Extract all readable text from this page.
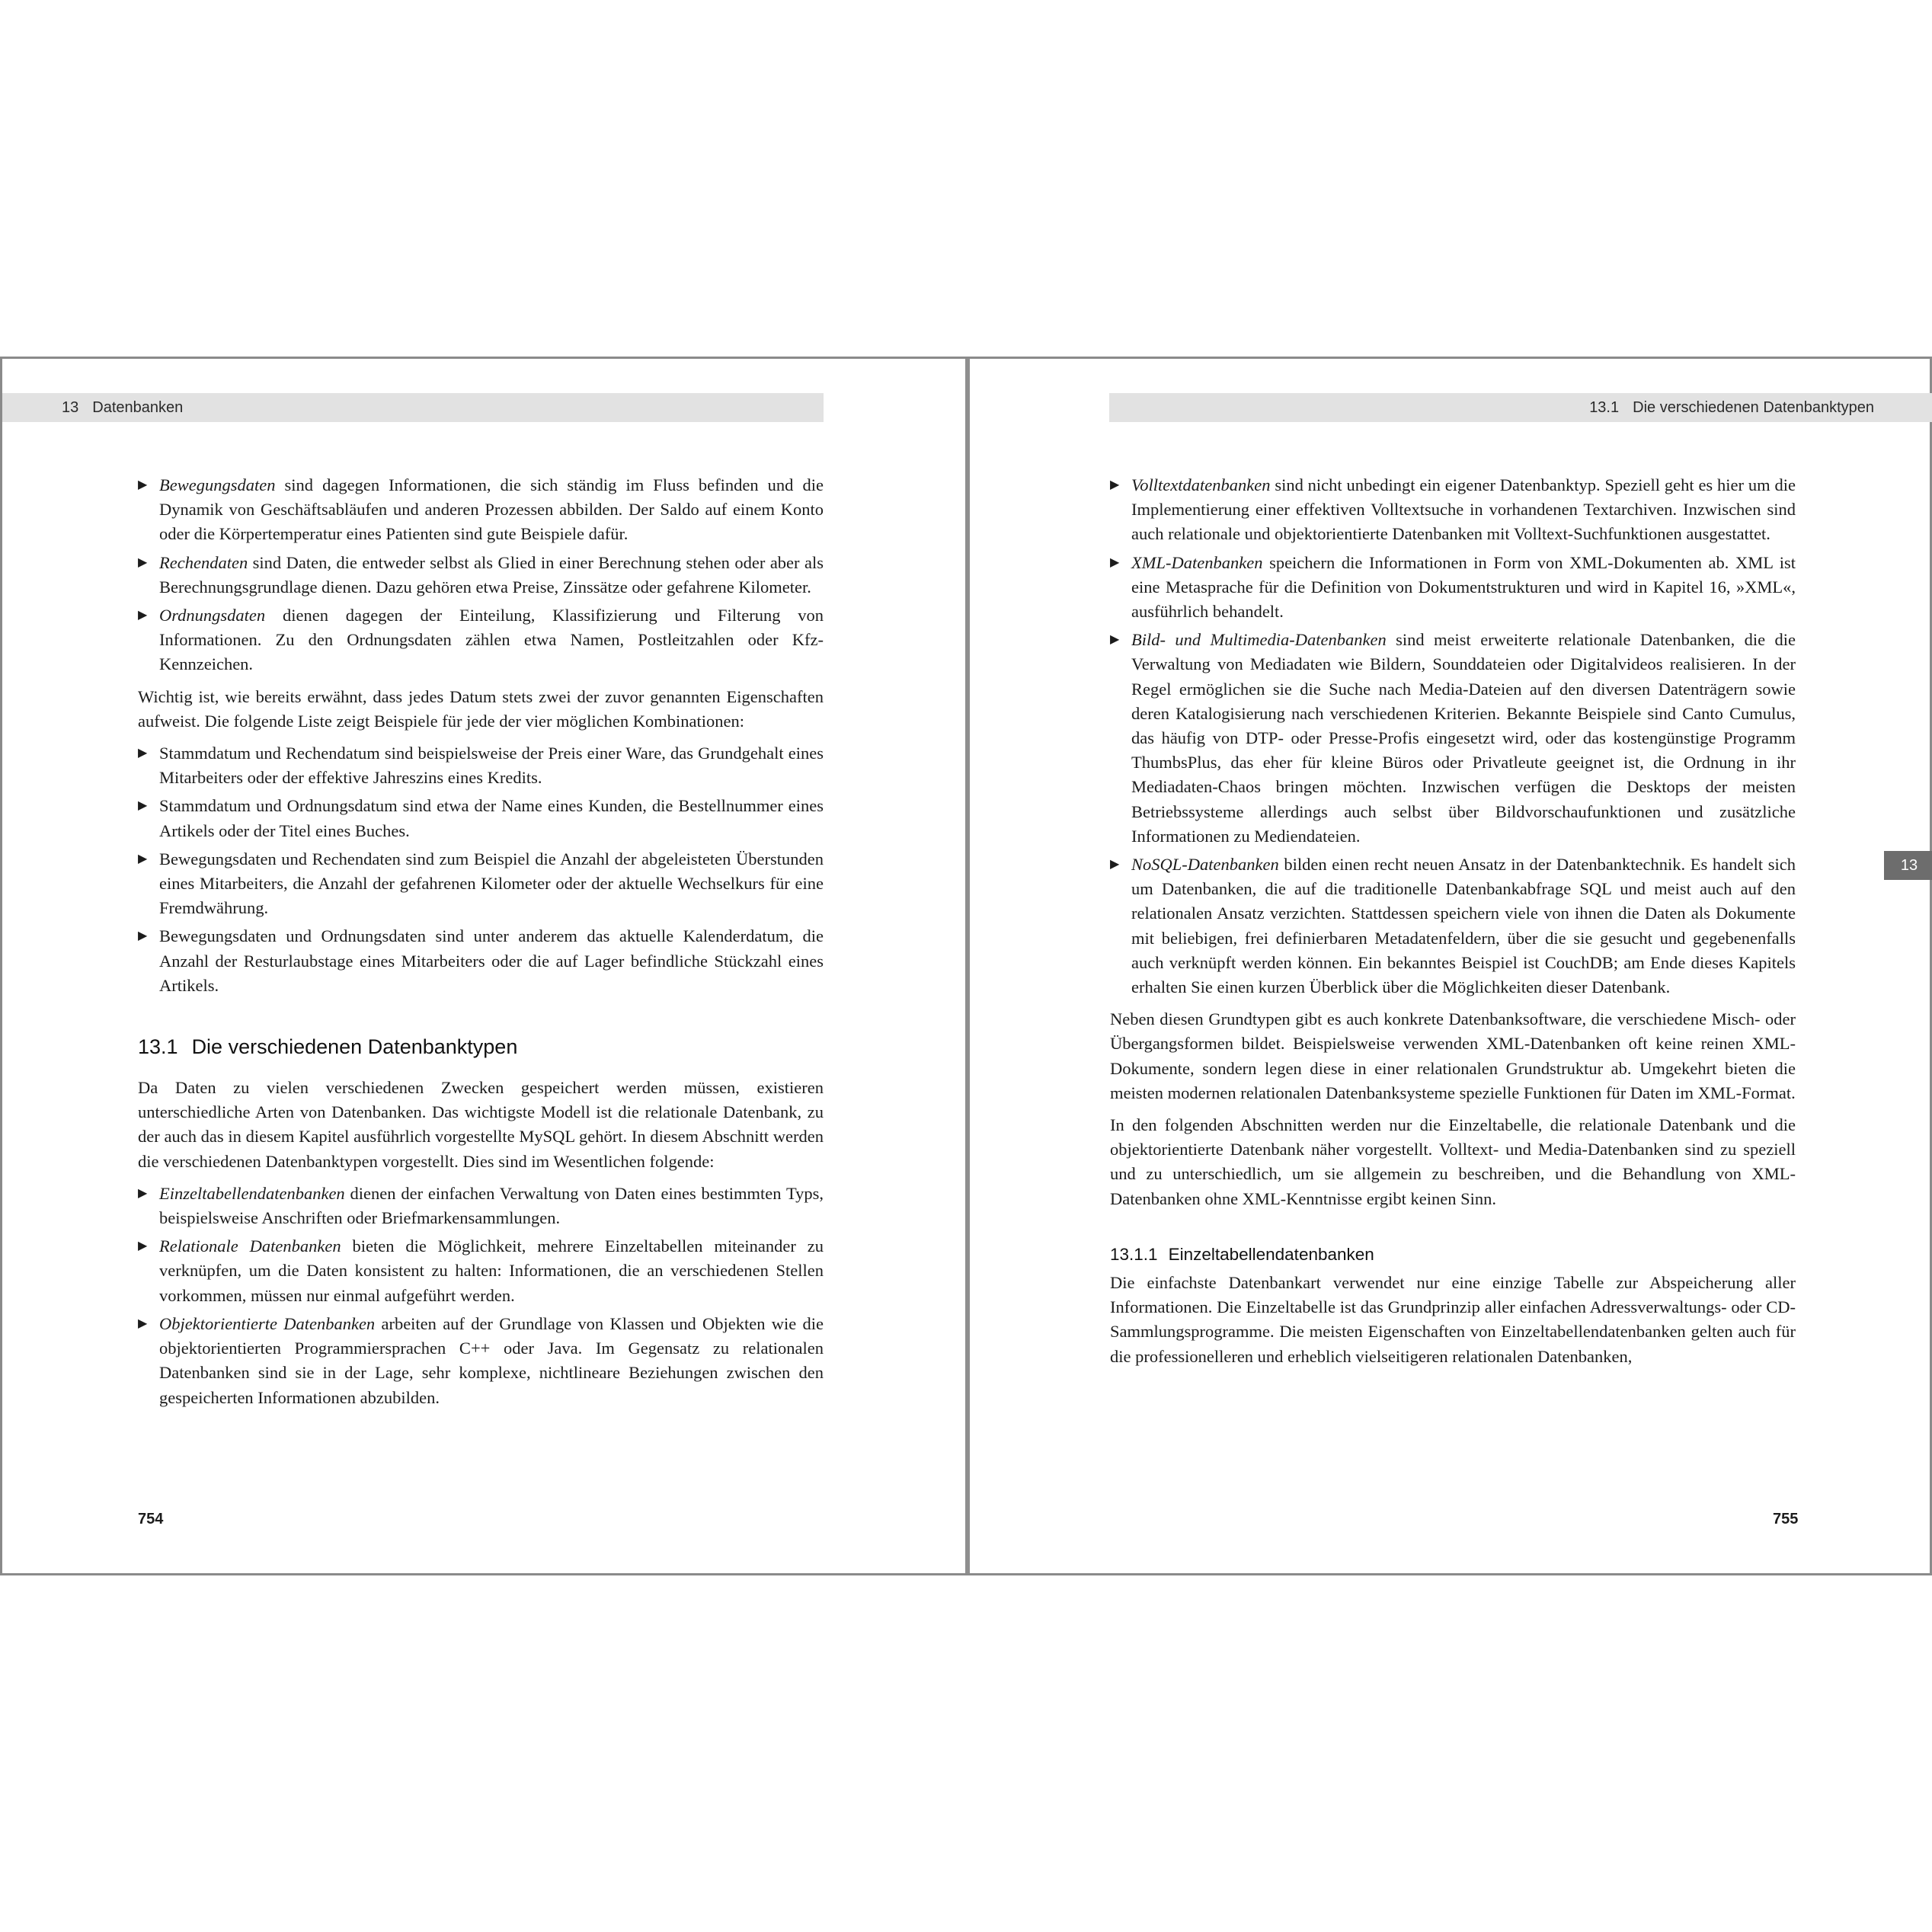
13 Datenbanken
▶ Bewegungsdaten sind dagegen Informationen, die sich ständig im Fluss befinden und die Dynamik von Geschäftsabläufen und anderen Prozessen abbilden. Der Saldo auf einem Konto oder die Körpertemperatur eines Patienten sind gute Beispiele dafür.
▶ Rechendaten sind Daten, die entweder selbst als Glied in einer Berechnung stehen oder aber als Berechnungsgrundlage dienen. Dazu gehören etwa Preise, Zinssätze oder gefahrene Kilometer.
▶ Ordnungsdaten dienen dagegen der Einteilung, Klassifizierung und Filterung von Informationen. Zu den Ordnungsdaten zählen etwa Namen, Postleitzahlen oder Kfz-Kennzeichen.

Wichtig ist, wie bereits erwähnt, dass jedes Datum stets zwei der zuvor genannten Eigenschaften aufweist. Die folgende Liste zeigt Beispiele für jede der vier möglichen Kombinationen:

▶ Stammdatum und Rechendatum sind beispielsweise der Preis einer Ware, das Grundgehalt eines Mitarbeiters oder der effektive Jahreszins eines Kredits.
▶ Stammdatum und Ordnungsdatum sind etwa der Name eines Kunden, die Bestellnummer eines Artikels oder der Titel eines Buches.
▶ Bewegungsdaten und Rechendaten sind zum Beispiel die Anzahl der abgeleisteten Überstunden eines Mitarbeiters, die Anzahl der gefahrenen Kilometer oder der aktuelle Wechselkurs für eine Fremdwährung.
▶ Bewegungsdaten und Ordnungsdaten sind unter anderem das aktuelle Kalenderdatum, die Anzahl der Resturlaubstage eines Mitarbeiters oder die auf Lager befindliche Stückzahl eines Artikels.
13.1 Die verschiedenen Datenbanktypen

Da Daten zu vielen verschiedenen Zwecken gespeichert werden müssen, existieren unterschiedliche Arten von Datenbanken. Das wichtigste Modell ist die relationale Datenbank, zu der auch das in diesem Kapitel ausführlich vorgestellte MySQL gehört. In diesem Abschnitt werden die verschiedenen Datenbanktypen vorgestellt. Dies sind im Wesentlichen folgende:

▶ Einzeltabellendatenbanken dienen der einfachen Verwaltung von Daten eines bestimmten Typs, beispielsweise Anschriften oder Briefmarkensammlungen.
▶ Relationale Datenbanken bieten die Möglichkeit, mehrere Einzeltabellen miteinander zu verknüpfen, um die Daten konsistent zu halten: Informationen, die an verschiedenen Stellen vorkommen, müssen nur einmal aufgeführt werden.
▶ Objektorientierte Datenbanken arbeiten auf der Grundlage von Klassen und Objekten wie die objektorientierten Programmiersprachen C++ oder Java. Im Gegensatz zu relationalen Datenbanken sind sie in der Lage, sehr komplexe, nichtlineare Beziehungen zwischen den gespeicherten Informationen abzubilden.
754
13.1 Die verschiedenen Datenbanktypen
▶ Volltextdatenbanken sind nicht unbedingt ein eigener Datenbanktyp. Speziell geht es hier um die Implementierung einer effektiven Volltextsuche in vorhandenen Textarchiven. Inzwischen sind auch relationale und objektorientierte Datenbanken mit Volltext-Suchfunktionen ausgestattet.
▶ XML-Datenbanken speichern die Informationen in Form von XML-Dokumenten ab. XML ist eine Metasprache für die Definition von Dokumentstrukturen und wird in Kapitel 16, »XML«, ausführlich behandelt.
▶ Bild- und Multimedia-Datenbanken sind meist erweiterte relationale Datenbanken, die die Verwaltung von Mediadaten wie Bildern, Sounddateien oder Digitalvideos realisieren. In der Regel ermöglichen sie die Suche nach Media-Dateien auf den diversen Datenträgern sowie deren Katalogisierung nach verschiedenen Kriterien. Bekannte Beispiele sind Canto Cumulus, das häufig von DTP- oder Presse-Profis eingesetzt wird, oder das kostengünstige Programm ThumbsPlus, das eher für kleine Büros oder Privatleute geeignet ist, die Ordnung in ihr Mediadaten-Chaos bringen möchten. Inzwischen verfügen die Desktops der meisten Betriebssysteme allerdings auch selbst über Bildvorschaufunktionen und zusätzliche Informationen zu Mediendateien.
▶ NoSQL-Datenbanken bilden einen recht neuen Ansatz in der Datenbanktechnik. Es handelt sich um Datenbanken, die auf die traditionelle Datenbankabfrage SQL und meist auch auf den relationalen Ansatz verzichten. Stattdessen speichern viele von ihnen die Daten als Dokumente mit beliebigen, frei definierbaren Metadatenfeldern, über die sie gesucht und gegebenenfalls auch verknüpft werden können. Ein bekanntes Beispiel ist CouchDB; am Ende dieses Kapitels erhalten Sie einen kurzen Überblick über die Möglichkeiten dieser Datenbank.

Neben diesen Grundtypen gibt es auch konkrete Datenbanksoftware, die verschiedene Misch- oder Übergangsformen bildet. Beispielsweise verwenden XML-Datenbanken oft keine reinen XML-Dokumente, sondern legen diese in einer relationalen Grundstruktur ab. Umgekehrt bieten die meisten modernen relationalen Datenbanksysteme spezielle Funktionen für Daten im XML-Format.

In den folgenden Abschnitten werden nur die Einzeltabelle, die relationale Datenbank und die objektorientierte Datenbank näher vorgestellt. Volltext- und Media-Datenbanken sind zu speziell und zu unterschiedlich, um sie allgemein zu beschreiben, und die Behandlung von XML-Datenbanken ohne XML-Kenntnisse ergibt keinen Sinn.

13.1.1 Einzeltabellendatenbanken

Die einfachste Datenbankart verwendet nur eine einzige Tabelle zur Abspeicherung aller Informationen. Die Einzeltabelle ist das Grundprinzip aller einfachen Adressverwaltungs- oder CD-Sammlungsprogramme. Die meisten Eigenschaften von Einzeltabellendatenbanken gelten auch für die professionelleren und erheblich vielseitigeren relationalen Datenbanken,

13
755
